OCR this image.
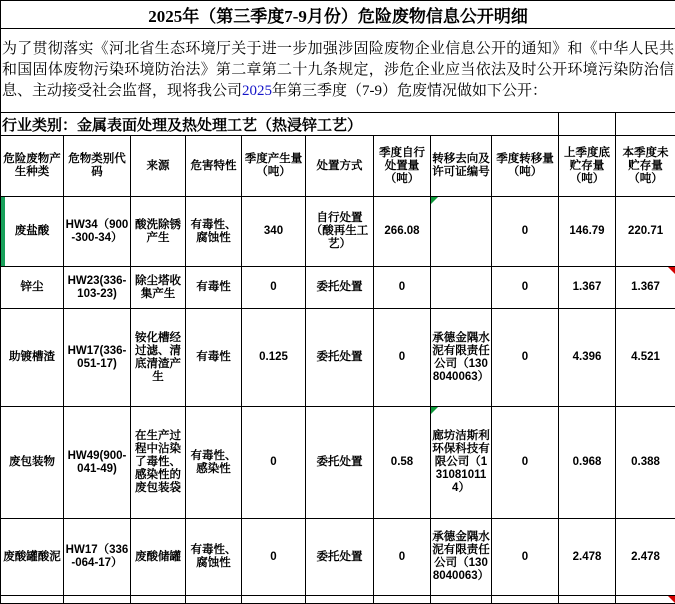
2025年（第三季度7-9月份）危险废物信息公开明细										
为了贯彻落实《河北省生态环境厅关于进一步加强涉固险废物企业信息公开的通知》和《中华人民共和国固体废物污染环境防治法》第二章第二十九条规定，涉危企业应当依法及时公开环境污染防治信息、主动接受社会监督，现将我公司2025年第三季度（7-9）危废情况做如下公开：										
行业类别：金属表面处理及热处理工艺（热浸锌工艺）										
危险废物产生种类	危物类别代码	来源	危害特性	季度产生量（吨）	处置方式	季度自行处置量（吨）	转移去向及许可证编号	季度转移量（吨）	上季度底贮存量（吨）	本季度未贮存量（吨）
废盐酸	HW34（900-300-34）	酸洗除锈产生	有毒性、腐蚀性	340	自行处置（酸再生工艺）	266.08		0	146.79	220.71
锌尘	HW23(336-103-23)	除尘塔收集产生	有毒性	0	委托处置	0		0	1.367	1.367
助镀槽渣	HW17(336-051-17)	铵化槽经过滤、清底清渣产生	有毒性	0.125	委托处置	0	承德金隅水泥有限责任公司（1308040063）	0	4.396	4.521
废包装物	HW49(900-041-49)	在生产过程中沾染了毒性、感染性的废包装袋	有毒性、感染性	0	委托处置	0.58	廊坊洁斯利环保科技有限公司（1310810114）	0	0.968	0.388
废酸罐酸泥	HW17（336-064-17）	废酸储罐	有毒性、腐蚀性	0	委托处置	0	承德金隅水泥有限责任公司（1308040063）	0	2.478	2.478
